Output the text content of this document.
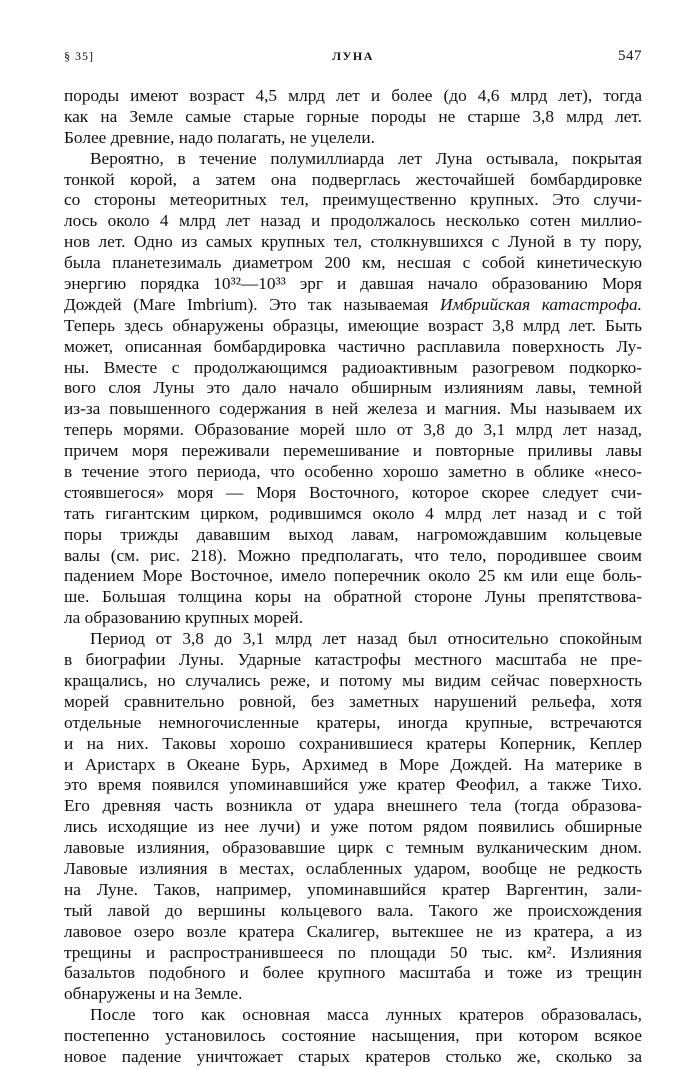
§ 35]	ЛУНА	547
породы имеют возраст 4,5 млрд лет и более (до 4,6 млрд лет), тогда
как на Земле самые старые горные породы не старше 3,8 млрд лет.
Более древние, надо полагать, не уцелели.
Вероятно, в течение полумиллиарда лет Луна остывала, покрытая
тонкой корой, а затем она подверглась жесточайшей бомбардировке
со стороны метеоритных тел, преимущественно крупных. Это случи-
лось около 4 млрд лет назад и продолжалось несколько сотен миллио-
нов лет. Одно из самых крупных тел, столкнувшихся с Луной в ту пору,
была планетезималь диаметром 200 км, несшая с собой кинетическую
энергию порядка 10³²—10³³ эрг и давшая начало образованию Моря
Дождей (Mare Imbrium). Это так называемая Имбрийская катастрофа.
Теперь здесь обнаружены образцы, имеющие возраст 3,8 млрд лет. Быть
может, описанная бомбардировка частично расплавила поверхность Лу-
ны. Вместе с продолжающимся радиоактивным разогревом подкорко-
вого слоя Луны это дало начало обширным излияниям лавы, темной
из-за повышенного содержания в ней железа и магния. Мы называем их
теперь морями. Образование морей шло от 3,8 до 3,1 млрд лет назад,
причем моря переживали перемешивание и повторные приливы лавы
в течение этого периода, что особенно хорошо заметно в облике «несо-
стоявшегося» моря — Моря Восточного, которое скорее следует счи-
тать гигантским цирком, родившимся около 4 млрд лет назад и с той
поры трижды дававшим выход лавам, нагромождавшим кольцевые
валы (см. рис. 218). Можно предполагать, что тело, породившее своим
падением Море Восточное, имело поперечник около 25 км или еще боль-
ше. Большая толщина коры на обратной стороне Луны препятствова-
ла образованию крупных морей.
Период от 3,8 до 3,1 млрд лет назад был относительно спокойным
в биографии Луны. Ударные катастрофы местного масштаба не пре-
кращались, но случались реже, и потому мы видим сейчас поверхность
морей сравнительно ровной, без заметных нарушений рельефа, хотя
отдельные немногочисленные кратеры, иногда крупные, встречаются
и на них. Таковы хорошо сохранившиеся кратеры Коперник, Кеплер
и Аристарх в Океане Бурь, Архимед в Море Дождей. На материке в
это время появился упоминавшийся уже кратер Феофил, а также Тихо.
Его древняя часть возникла от удара внешнего тела (тогда образова-
лись исходящие из нее лучи) и уже потом рядом появились обширные
лавовые излияния, образовавшие цирк с темным вулканическим дном.
Лавовые излияния в местах, ослабленных ударом, вообще не редкость
на Луне. Таков, например, упоминавшийся кратер Варгентин, зали-
тый лавой до вершины кольцевого вала. Такого же происхождения
лавовое озеро возле кратера Скалигер, вытекшее не из кратера, а из
трещины и распространившееся по площади 50 тыс. км². Излияния
базальтов подобного и более крупного масштаба и тоже из трещин
обнаружены и на Земле.
После того как основная масса лунных кратеров образовалась,
постепенно установилось состояние насыщения, при котором всякое
новое падение уничтожает старых кратеров столько же, сколько за
